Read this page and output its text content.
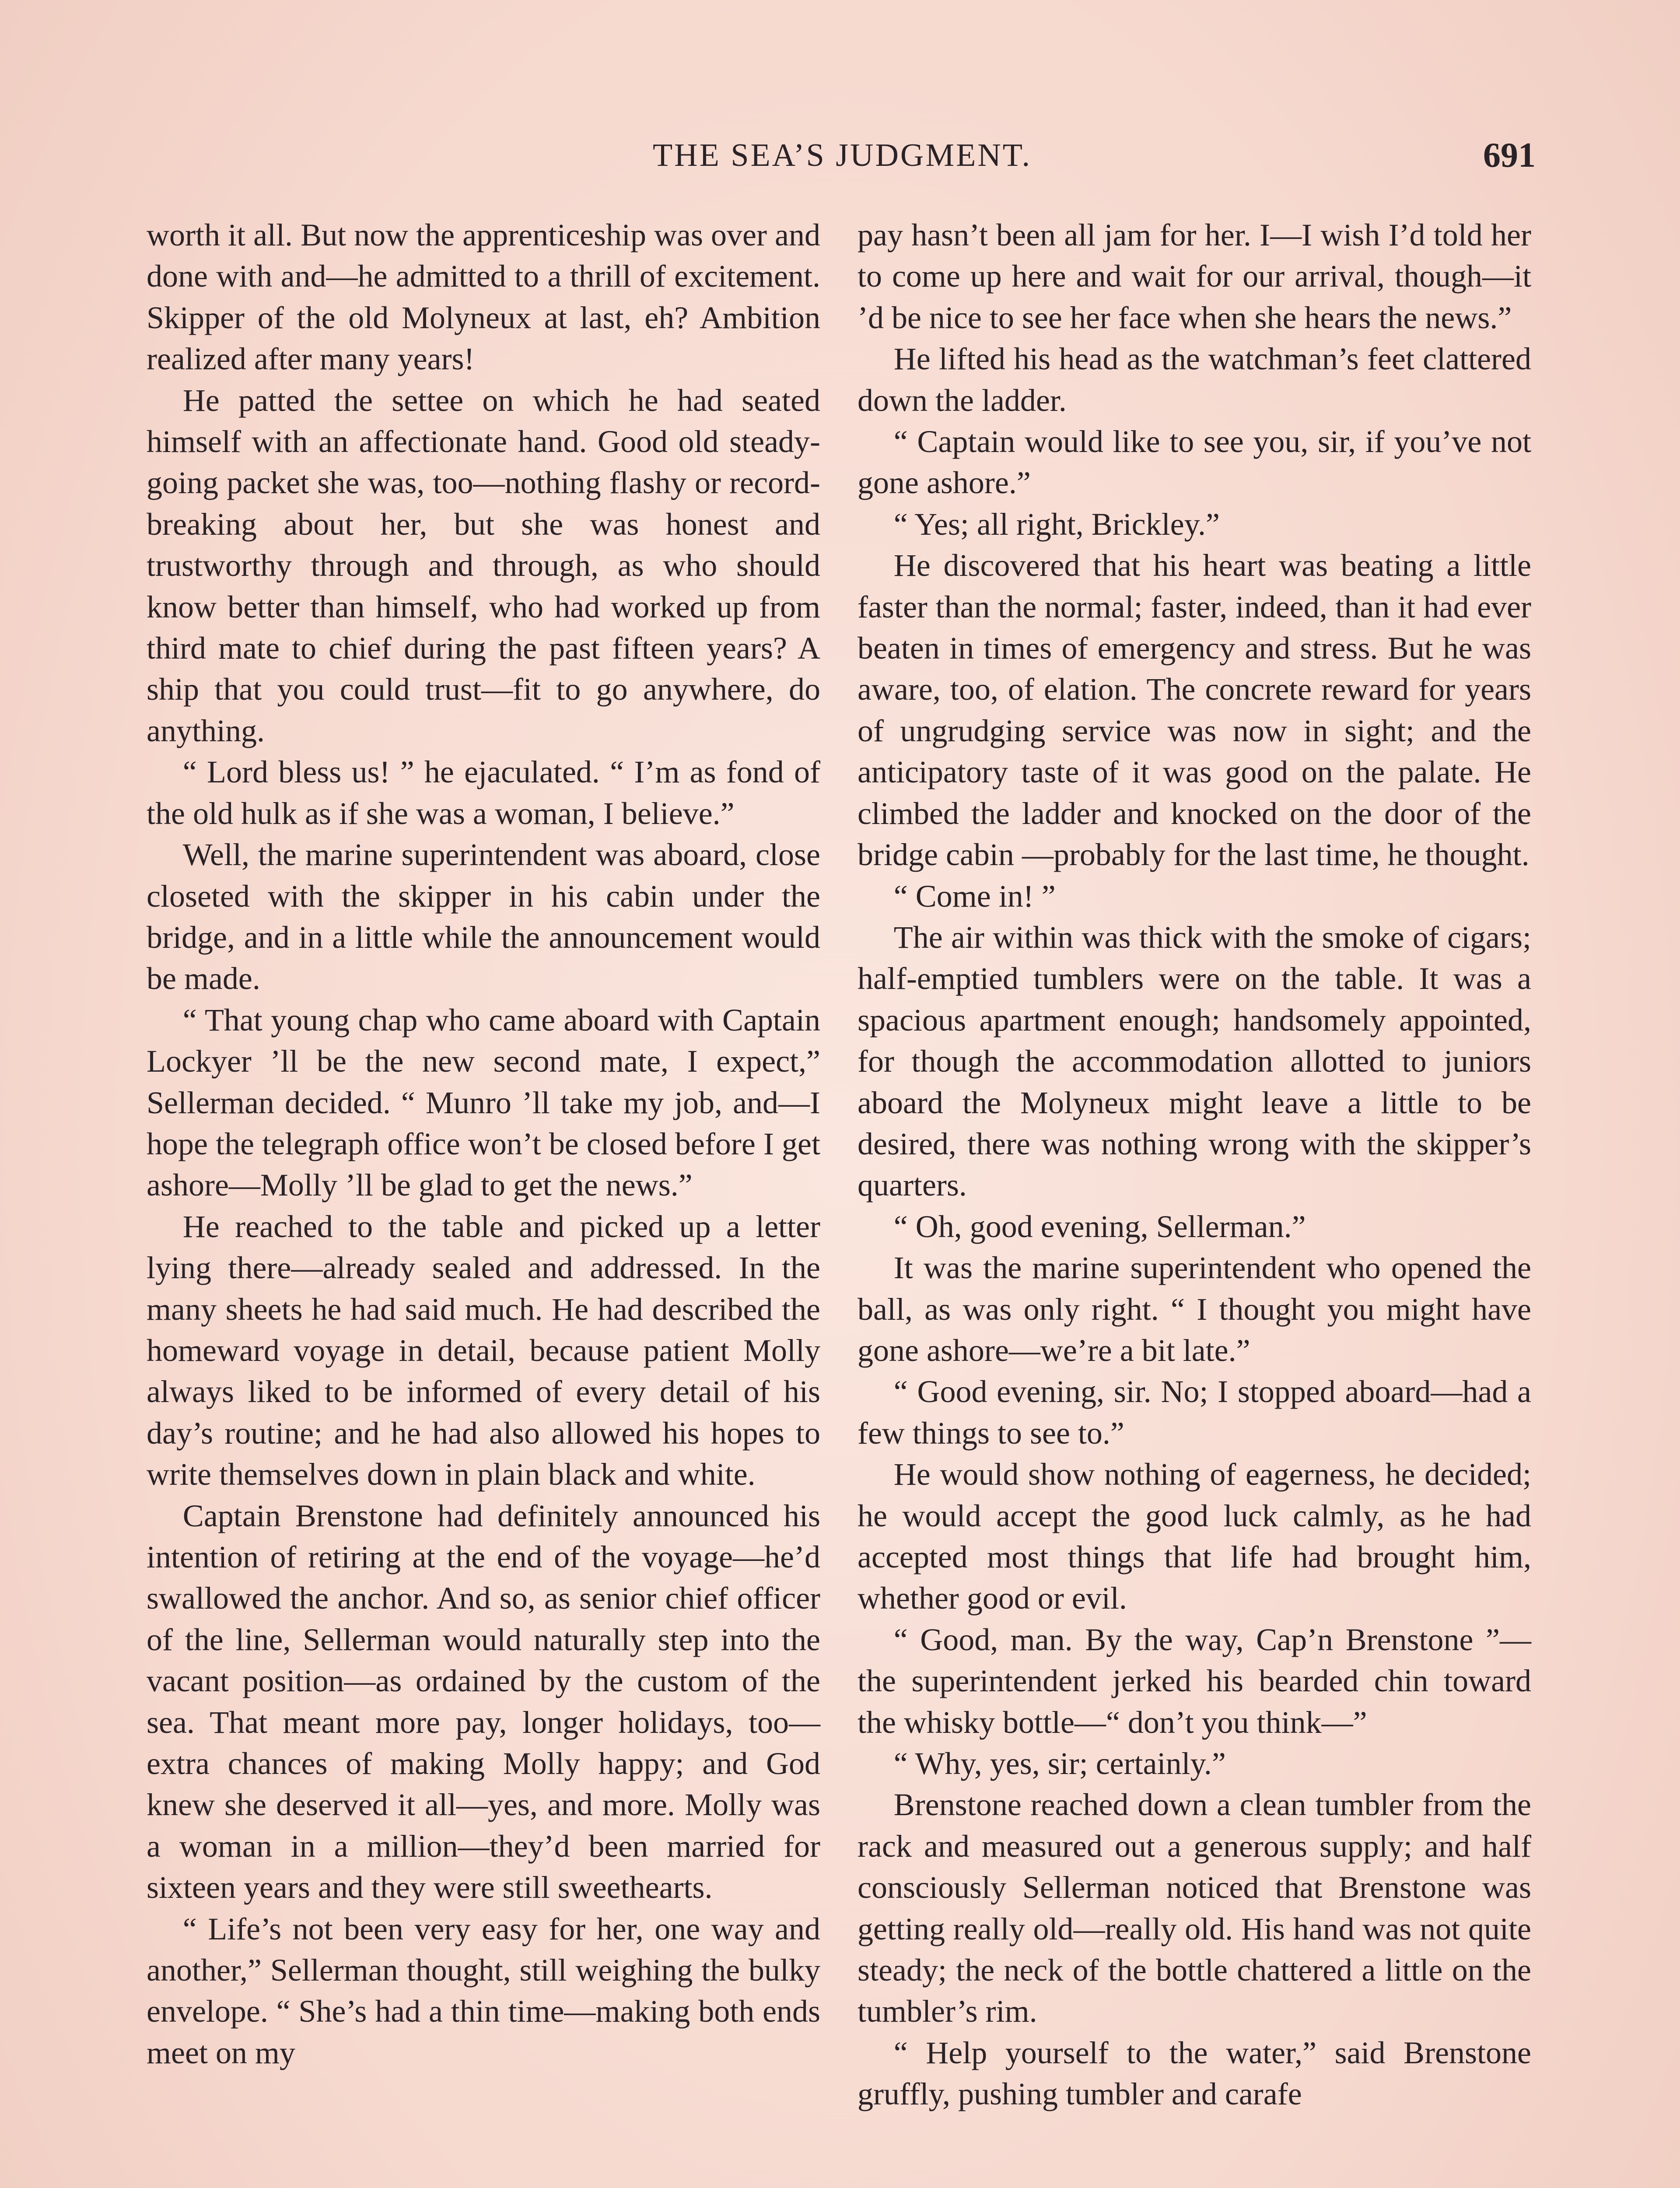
THE SEA’S JUDGMENT.	691

worth it all. But now the apprenticeship was over and done with and—he admitted to a thrill of excitement. Skipper of the old Molyneux at last, eh? Ambition realized after many years!

He patted the settee on which he had seated himself with an affectionate hand. Good old steady-going packet she was, too—nothing flashy or record-breaking about her, but she was honest and trustworthy through and through, as who should know better than himself, who had worked up from third mate to chief during the past fifteen years? A ship that you could trust—fit to go anywhere, do anything.

“ Lord bless us! ” he ejaculated. “ I’m as fond of the old hulk as if she was a woman, I believe.”

Well, the marine superintendent was aboard, close closeted with the skipper in his cabin under the bridge, and in a little while the announcement would be made.

“ That young chap who came aboard with Captain Lockyer ’ll be the new second mate, I expect,” Sellerman decided. “ Munro ’ll take my job, and—I hope the telegraph office won’t be closed before I get ashore—Molly ’ll be glad to get the news.”

He reached to the table and picked up a letter lying there—already sealed and addressed. In the many sheets he had said much. He had described the homeward voyage in detail, because patient Molly always liked to be informed of every detail of his day’s routine; and he had also allowed his hopes to write themselves down in plain black and white.

Captain Brenstone had definitely announced his intention of retiring at the end of the voyage—he’d swallowed the anchor. And so, as senior chief officer of the line, Sellerman would naturally step into the vacant position—as ordained by the custom of the sea. That meant more pay, longer holidays, too—extra chances of making Molly happy; and God knew she deserved it all—yes, and more. Molly was a woman in a million—they’d been married for sixteen years and they were still sweethearts.

“ Life’s not been very easy for her, one way and another,” Sellerman thought, still weighing the bulky envelope. “ She’s had a thin time—making both ends meet on my

pay hasn’t been all jam for her. I—I wish I’d told her to come up here and wait for our arrival, though—it ’d be nice to see her face when she hears the news.”

He lifted his head as the watchman’s feet clattered down the ladder.

“ Captain would like to see you, sir, if you’ve not gone ashore.”

“ Yes; all right, Brickley.”

He discovered that his heart was beating a little faster than the normal; faster, indeed, than it had ever beaten in times of emergency and stress. But he was aware, too, of elation. The concrete reward for years of ungrudging service was now in sight; and the anticipatory taste of it was good on the palate. He climbed the ladder and knocked on the door of the bridge cabin —probably for the last time, he thought.

“ Come in! ”

The air within was thick with the smoke of cigars; half-emptied tumblers were on the table. It was a spacious apartment enough; handsomely appointed, for though the accommodation allotted to juniors aboard the Molyneux might leave a little to be desired, there was nothing wrong with the skipper’s quarters.

“ Oh, good evening, Sellerman.”

It was the marine superintendent who opened the ball, as was only right. “ I thought you might have gone ashore—we’re a bit late.”

“ Good evening, sir. No; I stopped aboard—had a few things to see to.”

He would show nothing of eagerness, he decided; he would accept the good luck calmly, as he had accepted most things that life had brought him, whether good or evil.

“ Good, man. By the way, Cap’n Brenstone ”—the superintendent jerked his bearded chin toward the whisky bottle—“ don’t you think—”

“ Why, yes, sir; certainly.”

Brenstone reached down a clean tumbler from the rack and measured out a generous supply; and half consciously Sellerman noticed that Brenstone was getting really old—really old. His hand was not quite steady; the neck of the bottle chattered a little on the tumbler’s rim.

“ Help yourself to the water,” said Brenstone gruffly, pushing tumbler and carafe
